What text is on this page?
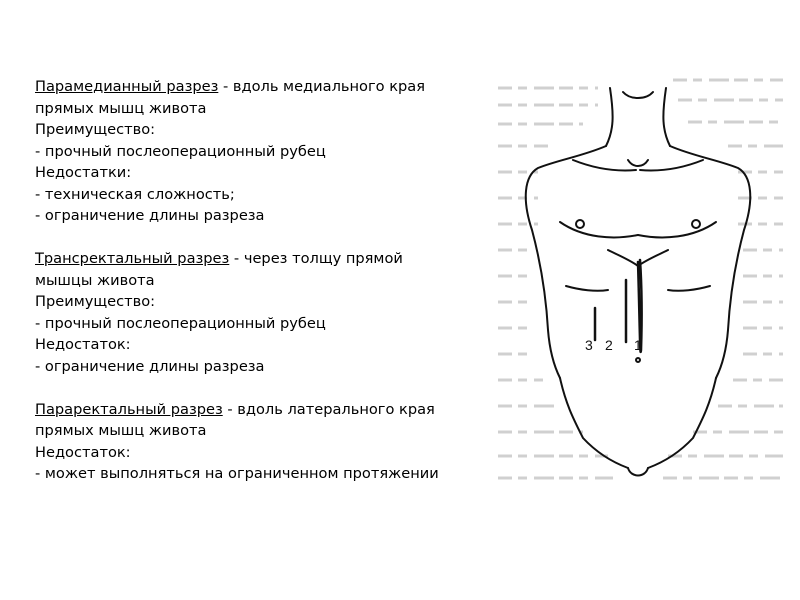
Парамедианный разрез - вдоль медиального края
прямых мышц живота
Преимущество:
- прочный послеоперационный рубец
Недостатки:
- техническая сложность;
- ограничение длины разреза
Трансректальный разрез - через толщу прямой
мышцы живота
Преимущество:
- прочный послеоперационный рубец
Недостаток:
- ограничение длины разреза
Параректальный разрез - вдоль латерального края
прямых мышц живота
Недостаток:
- может выполняться на ограниченном протяжении
3 2 1
